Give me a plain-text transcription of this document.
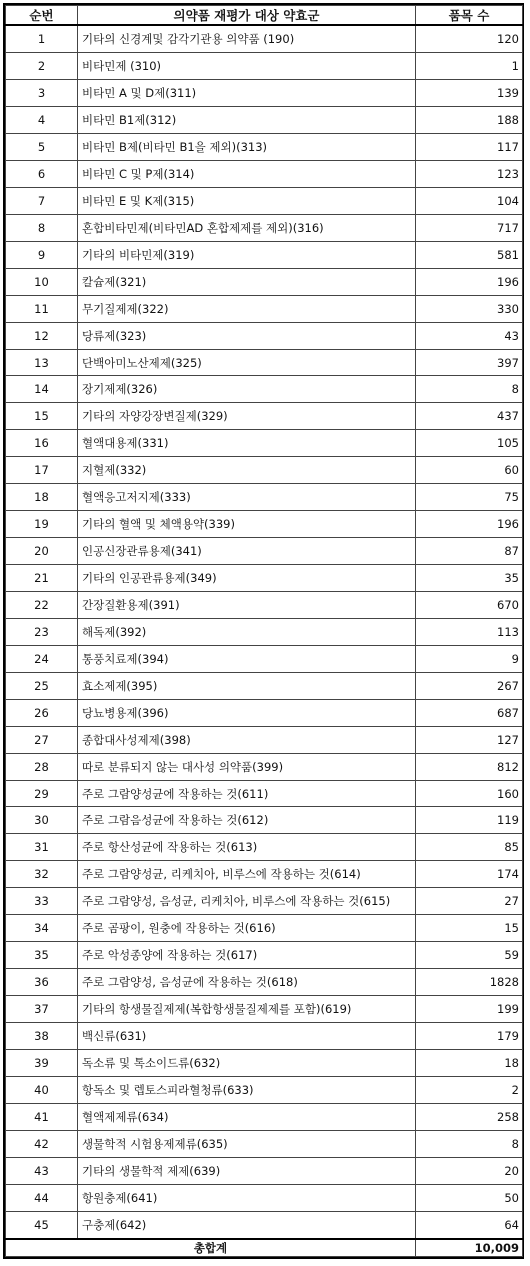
순번	의약품 재평가 대상 약효군	품목 수
1	기타의 신경계및 감각기관용 의약품 (190)	120
2	비타민제 (310)	1
3	비타민 A 및 D제(311)	139
4	비타민 B1제(312)	188
5	비타민 B제(비타민 B1을 제외)(313)	117
6	비타민 C 및 P제(314)	123
7	비타민 E 및 K제(315)	104
8	혼합비타민제(비타민AD 혼합제제를 제외)(316)	717
9	기타의 비타민제(319)	581
10	칼슘제(321)	196
11	무기질제제(322)	330
12	당류제(323)	43
13	단백아미노산제제(325)	397
14	장기제제(326)	8
15	기타의 자양강장변질제(329)	437
16	혈액대용제(331)	105
17	지혈제(332)	60
18	혈액응고저지제(333)	75
19	기타의 혈액 및 체액용약(339)	196
20	인공신장관류용제(341)	87
21	기타의 인공관류용제(349)	35
22	간장질환용제(391)	670
23	해독제(392)	113
24	통풍치료제(394)	9
25	효소제제(395)	267
26	당뇨병용제(396)	687
27	종합대사성제제(398)	127
28	따로 분류되지 않는 대사성 의약품(399)	812
29	주로 그람양성균에 작용하는 것(611)	160
30	주로 그람음성균에 작용하는 것(612)	119
31	주로 항산성균에 작용하는 것(613)	85
32	주로 그람양성균, 리케치아, 비루스에 작용하는 것(614)	174
33	주로 그람양성, 음성균, 리케치아, 비루스에 작용하는 것(615)	27
34	주로 곰팡이, 원충에 작용하는 것(616)	15
35	주로 악성종양에 작용하는 것(617)	59
36	주로 그람양성, 음성균에 작용하는 것(618)	1828
37	기타의 항생물질제제(복합항생물질제제를 포함)(619)	199
38	백신류(631)	179
39	독소류 및 톡소이드류(632)	18
40	항독소 및 렙토스피라혈청류(633)	2
41	혈액제제류(634)	258
42	생물학적 시험용제제류(635)	8
43	기타의 생물학적 제제(639)	20
44	항원충제(641)	50
45	구충제(642)	64
총합계		10,009
